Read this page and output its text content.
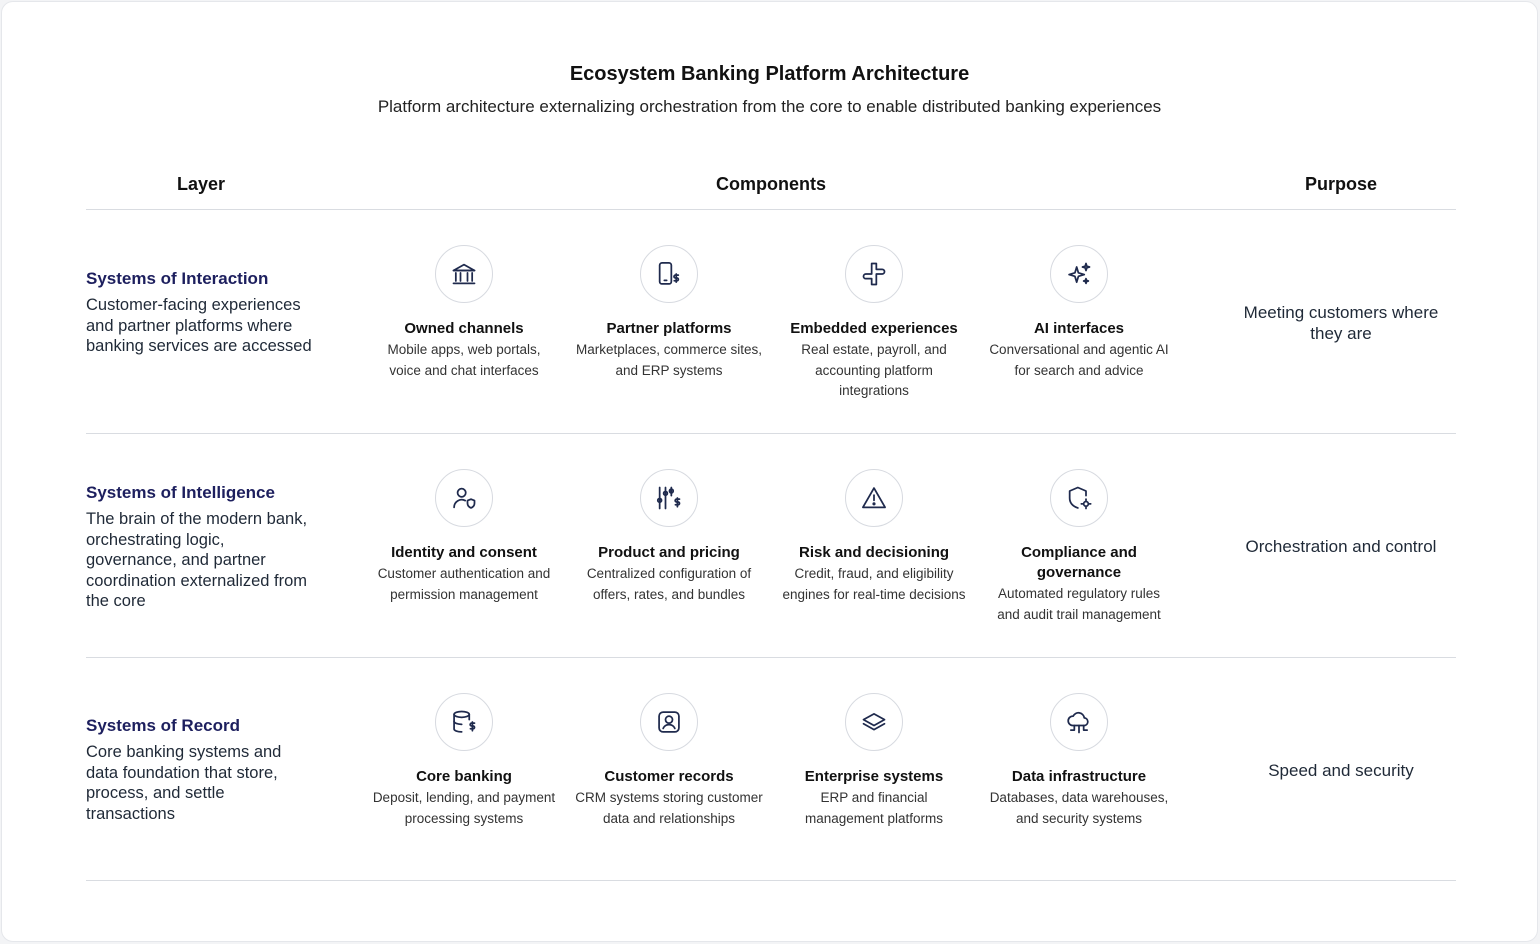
Ecosystem Banking Platform Architecture
Platform architecture externalizing orchestration from the core to enable distributed banking experiences
Layer	Components	Purpose
Systems of Interaction
Customer-facing experiences and partner platforms where banking services are accessed
Owned channels
Mobile apps, web portals, voice and chat interfaces
Partner platforms
Marketplaces, commerce sites, and ERP systems
Embedded experiences
Real estate, payroll, and accounting platform integrations
AI interfaces
Conversational and agentic AI for search and advice
Meeting customers where they are
Systems of Intelligence
The brain of the modern bank, orchestrating logic, governance, and partner coordination externalized from the core
Identity and consent
Customer authentication and permission management
Product and pricing
Centralized configuration of offers, rates, and bundles
Risk and decisioning
Credit, fraud, and eligibility engines for real-time decisions
Compliance and governance
Automated regulatory rules and audit trail management
Orchestration and control
Systems of Record
Core banking systems and data foundation that store, process, and settle transactions
Core banking
Deposit, lending, and payment processing systems
Customer records
CRM systems storing customer data and relationships
Enterprise systems
ERP and financial management platforms
Data infrastructure
Databases, data warehouses, and security systems
Speed and security
